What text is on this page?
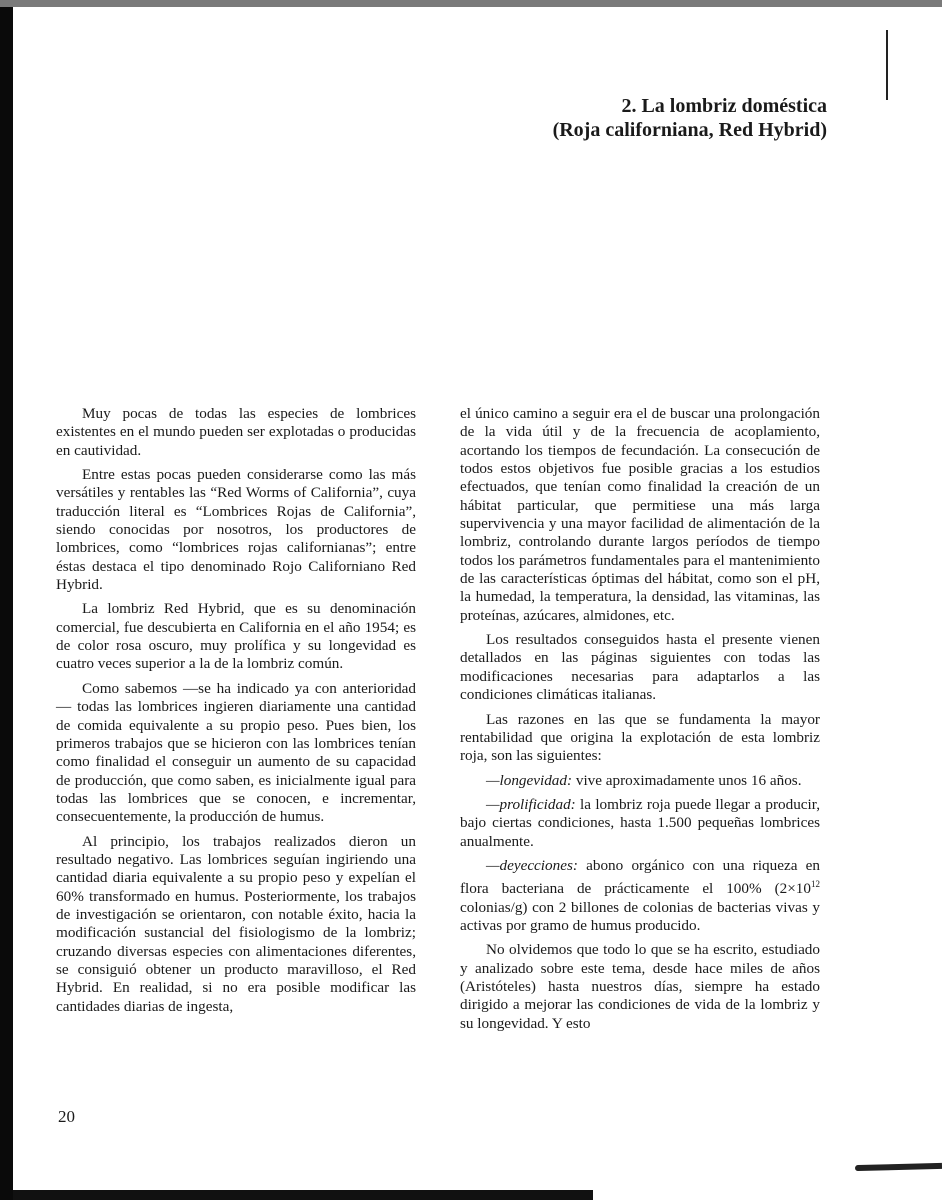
2. La lombriz doméstica
(Roja californiana, Red Hybrid)

Muy pocas de todas las especies de lombrices existentes en el mundo pueden ser explotadas o producidas en cautividad.

Entre estas pocas pueden considerarse como las más versátiles y rentables las “Red Worms of California”, cuya traducción literal es “Lombrices Rojas de California”, siendo conocidas por nosotros, los productores de lombrices, como “lombrices rojas californianas”; entre éstas destaca el tipo denominado Rojo Californiano Red Hybrid.

La lombriz Red Hybrid, que es su denominación comercial, fue descubierta en California en el año 1954; es de color rosa oscuro, muy prolífica y su longevidad es cuatro veces superior a la de la lombriz común.

Como sabemos —se ha indicado ya con anterioridad— todas las lombrices ingieren diariamente una cantidad de comida equivalente a su propio peso. Pues bien, los primeros trabajos que se hicieron con las lombrices tenían como finalidad el conseguir un aumento de su capacidad de producción, que como saben, es inicialmente igual para todas las lombrices que se conocen, e incrementar, consecuentemente, la producción de humus.

Al principio, los trabajos realizados dieron un resultado negativo. Las lombrices seguían ingiriendo una cantidad diaria equivalente a su propio peso y expelían el 60% transformado en humus. Posteriormente, los trabajos de investigación se orientaron, con notable éxito, hacia la modificación sustancial del fisiologismo de la lombriz; cruzando diversas especies con alimentaciones diferentes, se consiguió obtener un producto maravilloso, el Red Hybrid. En realidad, si no era posible modificar las cantidades diarias de ingesta,

el único camino a seguir era el de buscar una prolongación de la vida útil y de la frecuencia de acoplamiento, acortando los tiempos de fecundación. La consecución de todos estos objetivos fue posible gracias a los estudios efectuados, que tenían como finalidad la creación de un hábitat particular, que permitiese una más larga supervivencia y una mayor facilidad de alimentación de la lombriz, controlando durante largos períodos de tiempo todos los parámetros fundamentales para el mantenimiento de las características óptimas del hábitat, como son el pH, la humedad, la temperatura, la densidad, las vitaminas, las proteínas, azúcares, almidones, etc.

Los resultados conseguidos hasta el presente vienen detallados en las páginas siguientes con todas las modificaciones necesarias para adaptarlos a las condiciones climáticas italianas.

Las razones en las que se fundamenta la mayor rentabilidad que origina la explotación de esta lombriz roja, son las siguientes:

—longevidad: vive aproximadamente unos 16 años.

—prolificidad: la lombriz roja puede llegar a producir, bajo ciertas condiciones, hasta 1.500 pequeñas lombrices anualmente.

—deyecciones: abono orgánico con una riqueza en flora bacteriana de prácticamente el 100% ($2\times 10^{12}$ colonias/g) con 2 billones de colonias de bacterias vivas y activas por gramo de humus producido.

No olvidemos que todo lo que se ha escrito, estudiado y analizado sobre este tema, desde hace miles de años (Aristóteles) hasta nuestros días, siempre ha estado dirigido a mejorar las condiciones de vida de la lombriz y su longevidad. Y esto

20
